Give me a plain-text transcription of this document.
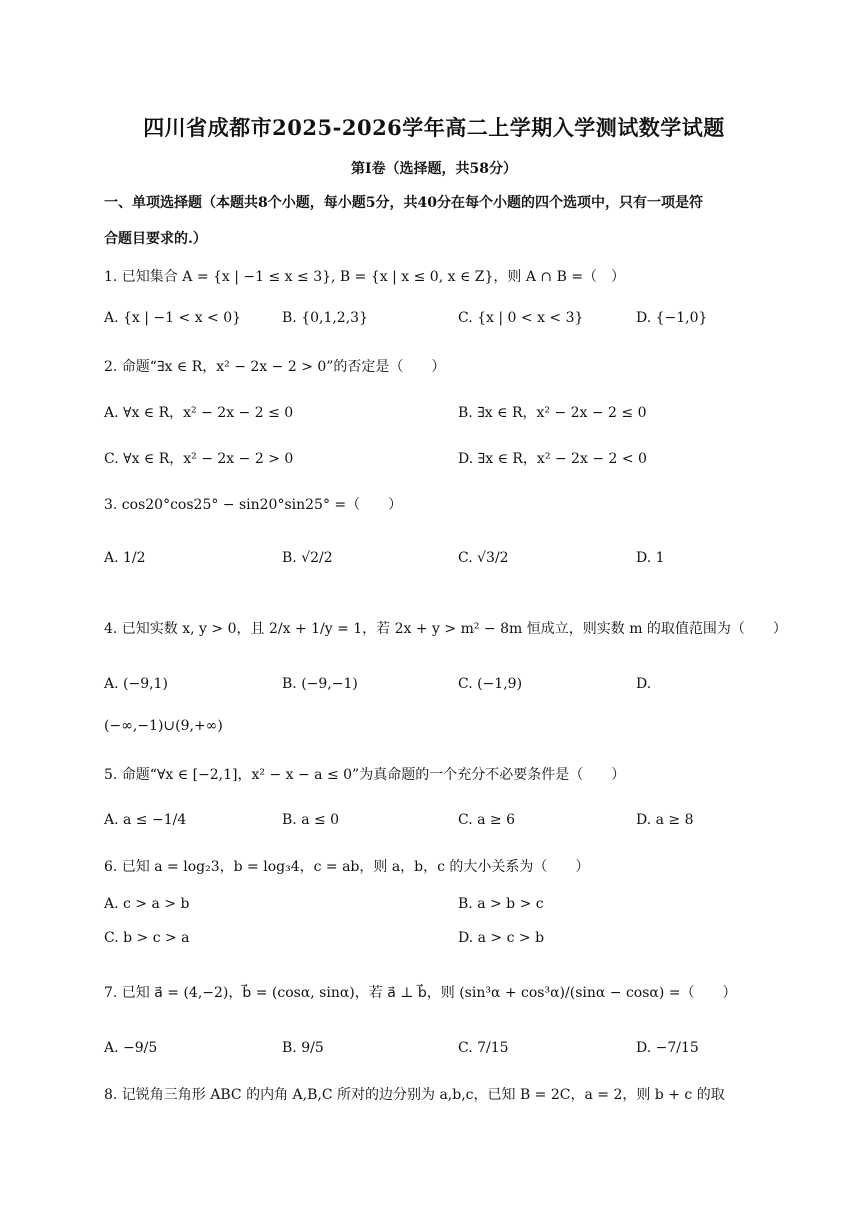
四川省成都市2025-2026学年高二上学期入学测试数学试题
第I卷（选择题，共58分）
一、单项选择题（本题共8个小题，每小题5分，共40分在每个小题的四个选项中，只有一项是符
合题目要求的.）
1. 已知集合 A = {x | −1 ≤ x ≤ 3}, B = {x | x ≤ 0, x ∈ Z}，则 A ∩ B =（　）
A. {x | −1 < x < 0}	B. {0,1,2,3}	C. {x | 0 < x < 3}	D. {−1,0}
2. 命题“∃x ∈ R，x² − 2x − 2 > 0”的否定是（　　）
A. ∀x ∈ R，x² − 2x − 2 ≤ 0	B. ∃x ∈ R，x² − 2x − 2 ≤ 0
C. ∀x ∈ R，x² − 2x − 2 > 0	D. ∃x ∈ R，x² − 2x − 2 < 0
3. cos20°cos25° − sin20°sin25° =（　　）
A. 1/2	B. √2/2	C. √3/2	D. 1
4. 已知实数 x, y > 0，且 2/x + 1/y = 1，若 2x + y > m² − 8m 恒成立，则实数 m 的取值范围为（　　）
A. (−9,1)	B. (−9,−1)	C. (−1,9)	D.
(−∞,−1)∪(9,+∞)
5. 命题“∀x ∈ [−2,1]，x² − x − a ≤ 0”为真命题的一个充分不必要条件是（　　）
A. a ≤ −1/4	B. a ≤ 0	C. a ≥ 6	D. a ≥ 8
6. 已知 a = log₂3，b = log₃4，c = ab，则 a，b，c 的大小关系为（　　）
A. c > a > b	B. a > b > c
C. b > c > a	D. a > c > b
7. 已知 a⃗ = (4,−2)，b⃗ = (cosα, sinα)，若 a⃗ ⊥ b⃗，则 (sin³α + cos³α)/(sinα − cosα) =（　　）
A. −9/5	B. 9/5	C. 7/15	D. −7/15
8. 记锐角三角形 ABC 的内角 A,B,C 所对的边分别为 a,b,c，已知 B = 2C，a = 2，则 b + c 的取
